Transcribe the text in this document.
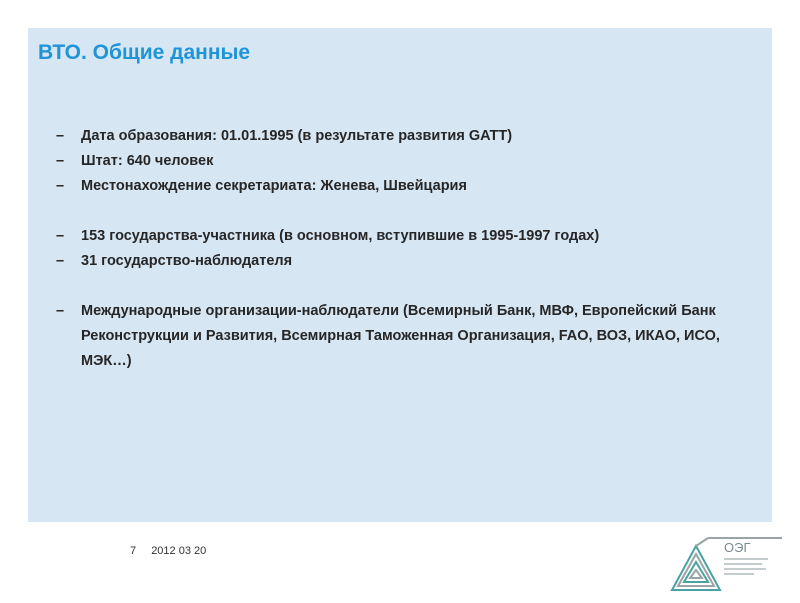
ВТО. Общие данные
– Дата образования: 01.01.1995 (в результате развития GATT)
– Штат: 640 человек
– Местонахождение секретариата: Женева, Швейцария
– 153 государства-участника (в основном, вступившие в 1995-1997 годах)
– 31 государство-наблюдателя
– Международные организации-наблюдатели (Всемирный Банк, МВФ, Европейский Банк Реконструкции и Развития, Всемирная Таможенная Организация, FAO, ВОЗ, ИКАО, ИСО, МЭК…)
7 2012 03 20	ОЭГ
